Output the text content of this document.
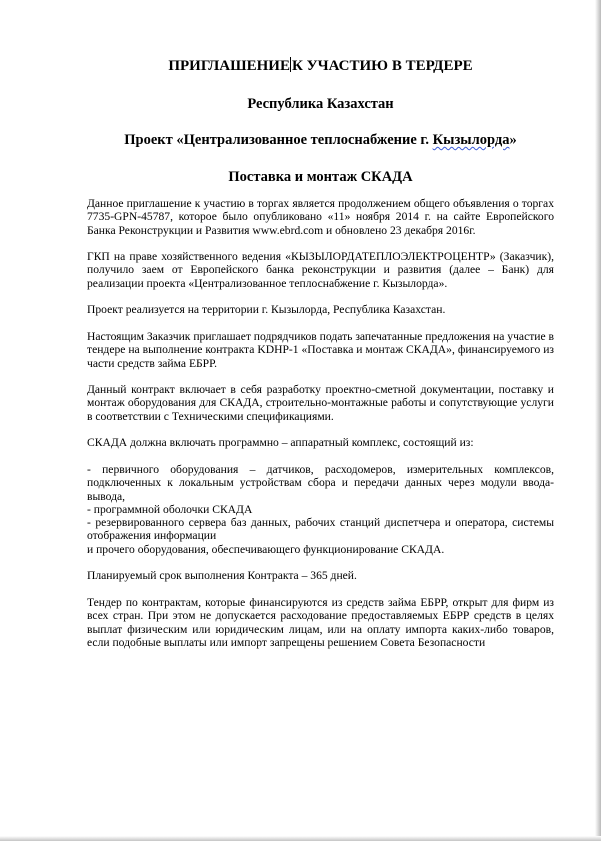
ПРИГЛАШЕНИЕ К УЧАСТИЮ В ТЕРДЕРЕ
Республика Казахстан
Проект «Централизованное теплоснабжение г. Кызылорда»
Поставка и монтаж СКАДА

Данное приглашение к участию в торгах является продолжением общего объявления о торгах 7735-GPN-45787, которое было опубликовано «11» ноября 2014 г. на сайте Европейского Банка Реконструкции и Развития www.ebrd.com и обновлено 23 декабря 2016г.

ГКП на праве хозяйственного ведения «КЫЗЫЛОРДАТЕПЛОЭЛЕКТРОЦЕНТР» (Заказчик), получило заем от Европейского банка реконструкции и развития (далее – Банк) для реализации проекта «Централизованное теплоснабжение г. Кызылорда».

Проект реализуется на территории г. Кызылорда, Республика Казахстан.

Настоящим Заказчик приглашает подрядчиков подать запечатанные предложения на участие в тендере на выполнение контракта KDHP-1 «Поставка и монтаж СКАДА», финансируемого из части средств займа ЕБРР.

Данный контракт включает в себя разработку проектно-сметной документации, поставку и монтаж оборудования для СКАДА, строительно-монтажные работы и сопутствующие услуги в соответствии с Техническими спецификациями.

СКАДА должна включать программно – аппаратный комплекс, состоящий из:

- первичного оборудования – датчиков, расходомеров, измерительных комплексов, подключенных к локальным устройствам сбора и передачи данных через модули ввода-вывода,

- программной оболочки СКАДА

- резервированного сервера баз данных, рабочих станций диспетчера и оператора, системы отображения информации

и прочего оборудования, обеспечивающего функционирование СКАДА.

Планируемый срок выполнения Контракта – 365 дней.

Тендер по контрактам, которые финансируются из средств займа ЕБРР, открыт для фирм из всех стран. При этом не допускается расходование предоставляемых ЕБРР средств в целях выплат физическим или юридическим лицам, или на оплату импорта каких-либо товаров, если подобные выплаты или импорт запрещены решением Совета Безопасности
